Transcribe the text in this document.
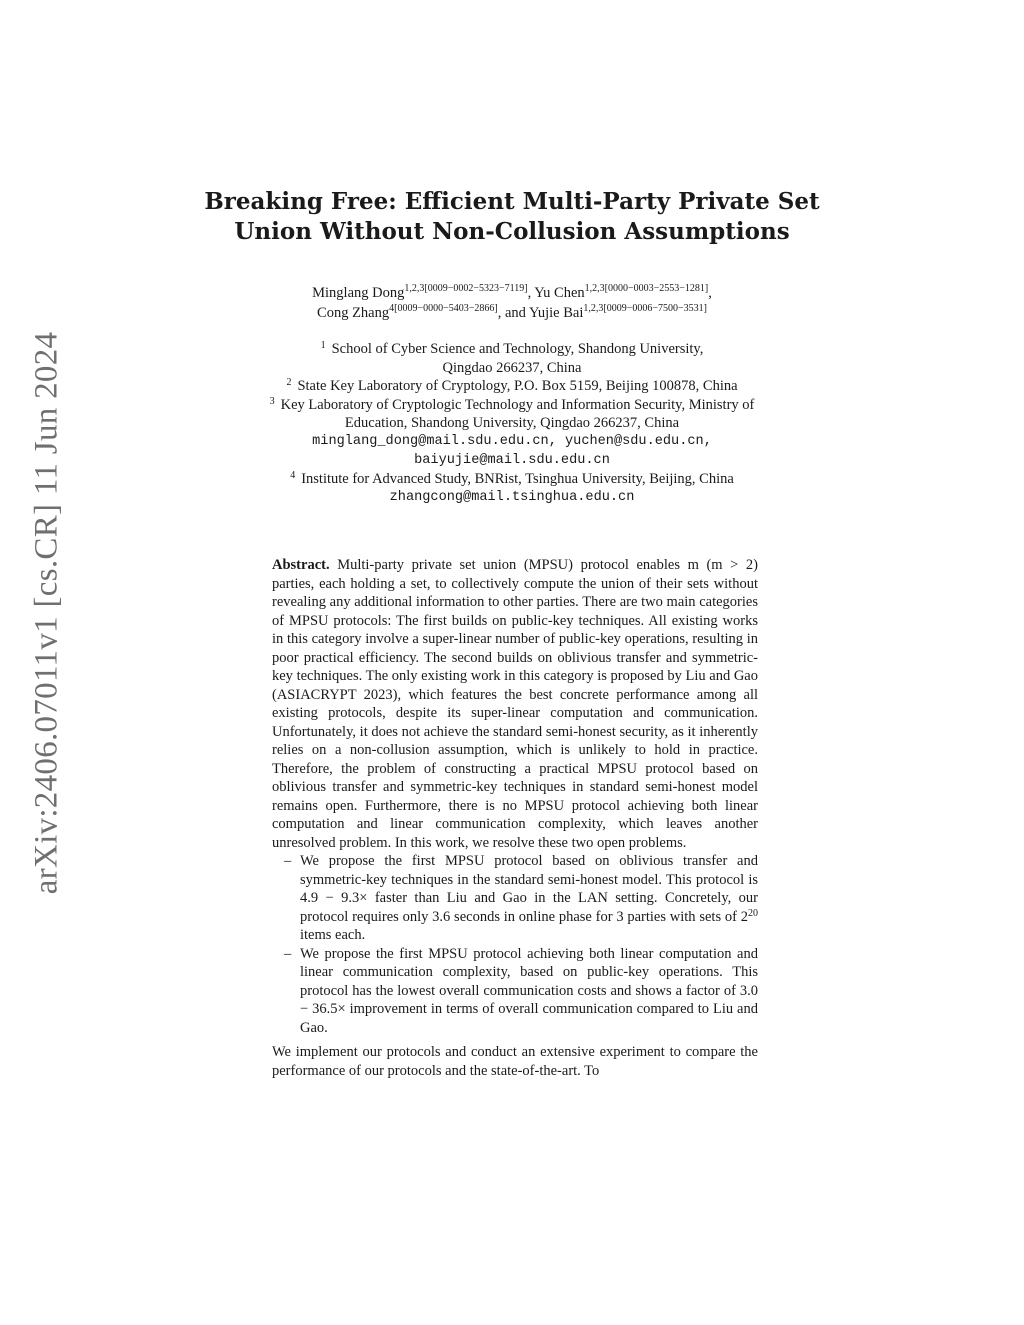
arXiv:2406.07011v1 [cs.CR] 11 Jun 2024
Breaking Free: Efficient Multi-Party Private Set
Union Without Non-Collusion Assumptions
Minglang Dong$^{1,2,3[0009-0002-5323-7119]}$, Yu Chen$^{1,2,3[0000-0003-2553-1281]}$,
Cong Zhang$^{4[0009-0000-5403-2866]}$, and Yujie Bai$^{1,2,3[0009-0006-7500-3531]}$
$^1$ School of Cyber Science and Technology, Shandong University,
Qingdao 266237, China
$^2$ State Key Laboratory of Cryptology, P.O. Box 5159, Beijing 100878, China
$^3$ Key Laboratory of Cryptologic Technology and Information Security, Ministry of
Education, Shandong University, Qingdao 266237, China
minglang_dong@mail.sdu.edu.cn, yuchen@sdu.edu.cn,
baiyujie@mail.sdu.edu.cn
$^4$ Institute for Advanced Study, BNRist, Tsinghua University, Beijing, China
zhangcong@mail.tsinghua.edu.cn
Abstract. Multi-party private set union (MPSU) protocol enables m (m > 2) parties, each holding a set, to collectively compute the union of their sets without revealing any additional information to other parties. There are two main categories of MPSU protocols: The first builds on public-key techniques. All existing works in this category involve a super-linear number of public-key operations, resulting in poor practical efficiency. The second builds on oblivious transfer and symmetric-key techniques. The only existing work in this category is proposed by Liu and Gao (ASIACRYPT 2023), which features the best concrete performance among all existing protocols, despite its super-linear computation and communication. Unfortunately, it does not achieve the standard semi-honest security, as it inherently relies on a non-collusion assumption, which is unlikely to hold in practice. Therefore, the problem of constructing a practical MPSU protocol based on oblivious transfer and symmetric-key techniques in standard semi-honest model remains open. Furthermore, there is no MPSU protocol achieving both linear computation and linear communication complexity, which leaves another unresolved problem. In this work, we resolve these two open problems.
– We propose the first MPSU protocol based on oblivious transfer and symmetric-key techniques in the standard semi-honest model. This protocol is 4.9 − 9.3× faster than Liu and Gao in the LAN setting. Concretely, our protocol requires only 3.6 seconds in online phase for 3 parties with sets of $2^{20}$ items each.
– We propose the first MPSU protocol achieving both linear computation and linear communication complexity, based on public-key operations. This protocol has the lowest overall communication costs and shows a factor of 3.0 − 36.5× improvement in terms of overall communication compared to Liu and Gao.
We implement our protocols and conduct an extensive experiment to compare the performance of our protocols and the state-of-the-art. To
